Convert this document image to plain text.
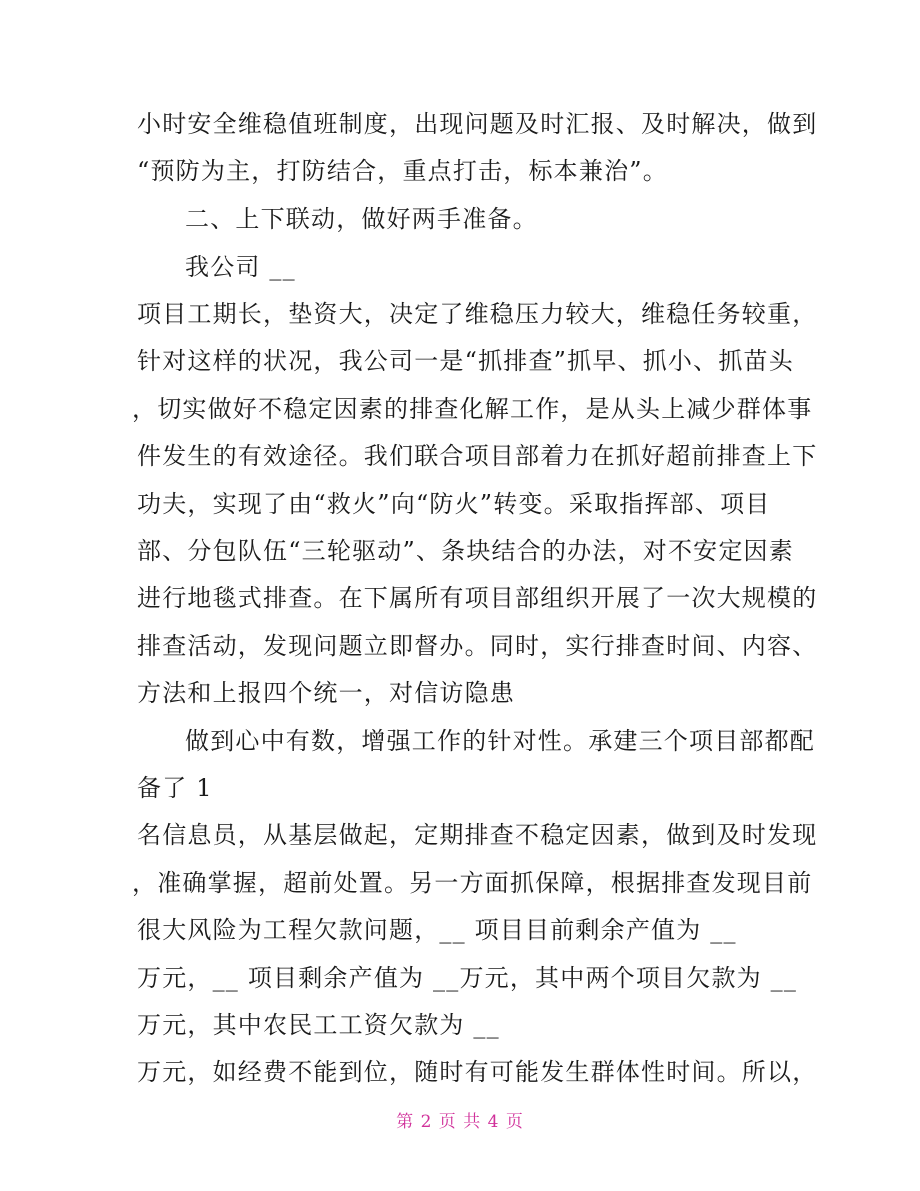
小时安全维稳值班制度，出现问题及时汇报、及时解决，做到
“预防为主，打防结合，重点打击，标本兼治”。
二、上下联动，做好两手准备。
我公司 __
项目工期长，垫资大，决定了维稳压力较大，维稳任务较重，
针对这样的状况，我公司一是“抓排查”抓早、抓小、抓苗头
，切实做好不稳定因素的排查化解工作，是从头上减少群体事
件发生的有效途径。我们联合项目部着力在抓好超前排查上下
功夫，实现了由“救火”向“防火”转变。采取指挥部、项目
部、分包队伍“三轮驱动”、条块结合的办法，对不安定因素
进行地毯式排查。在下属所有项目部组织开展了一次大规模的
排查活动，发现问题立即督办。同时，实行排查时间、内容、
方法和上报四个统一，对信访隐患
做到心中有数，增强工作的针对性。承建三个项目部都配
备了 1
名信息员，从基层做起，定期排查不稳定因素，做到及时发现
，准确掌握，超前处置。另一方面抓保障，根据排查发现目前
很大风险为工程欠款问题，__ 项目目前剩余产值为 __
万元，__ 项目剩余产值为 __万元，其中两个项目欠款为 __
万元，其中农民工工资欠款为 __
万元，如经费不能到位，随时有可能发生群体性时间。所以，
第 2 页 共 4 页
